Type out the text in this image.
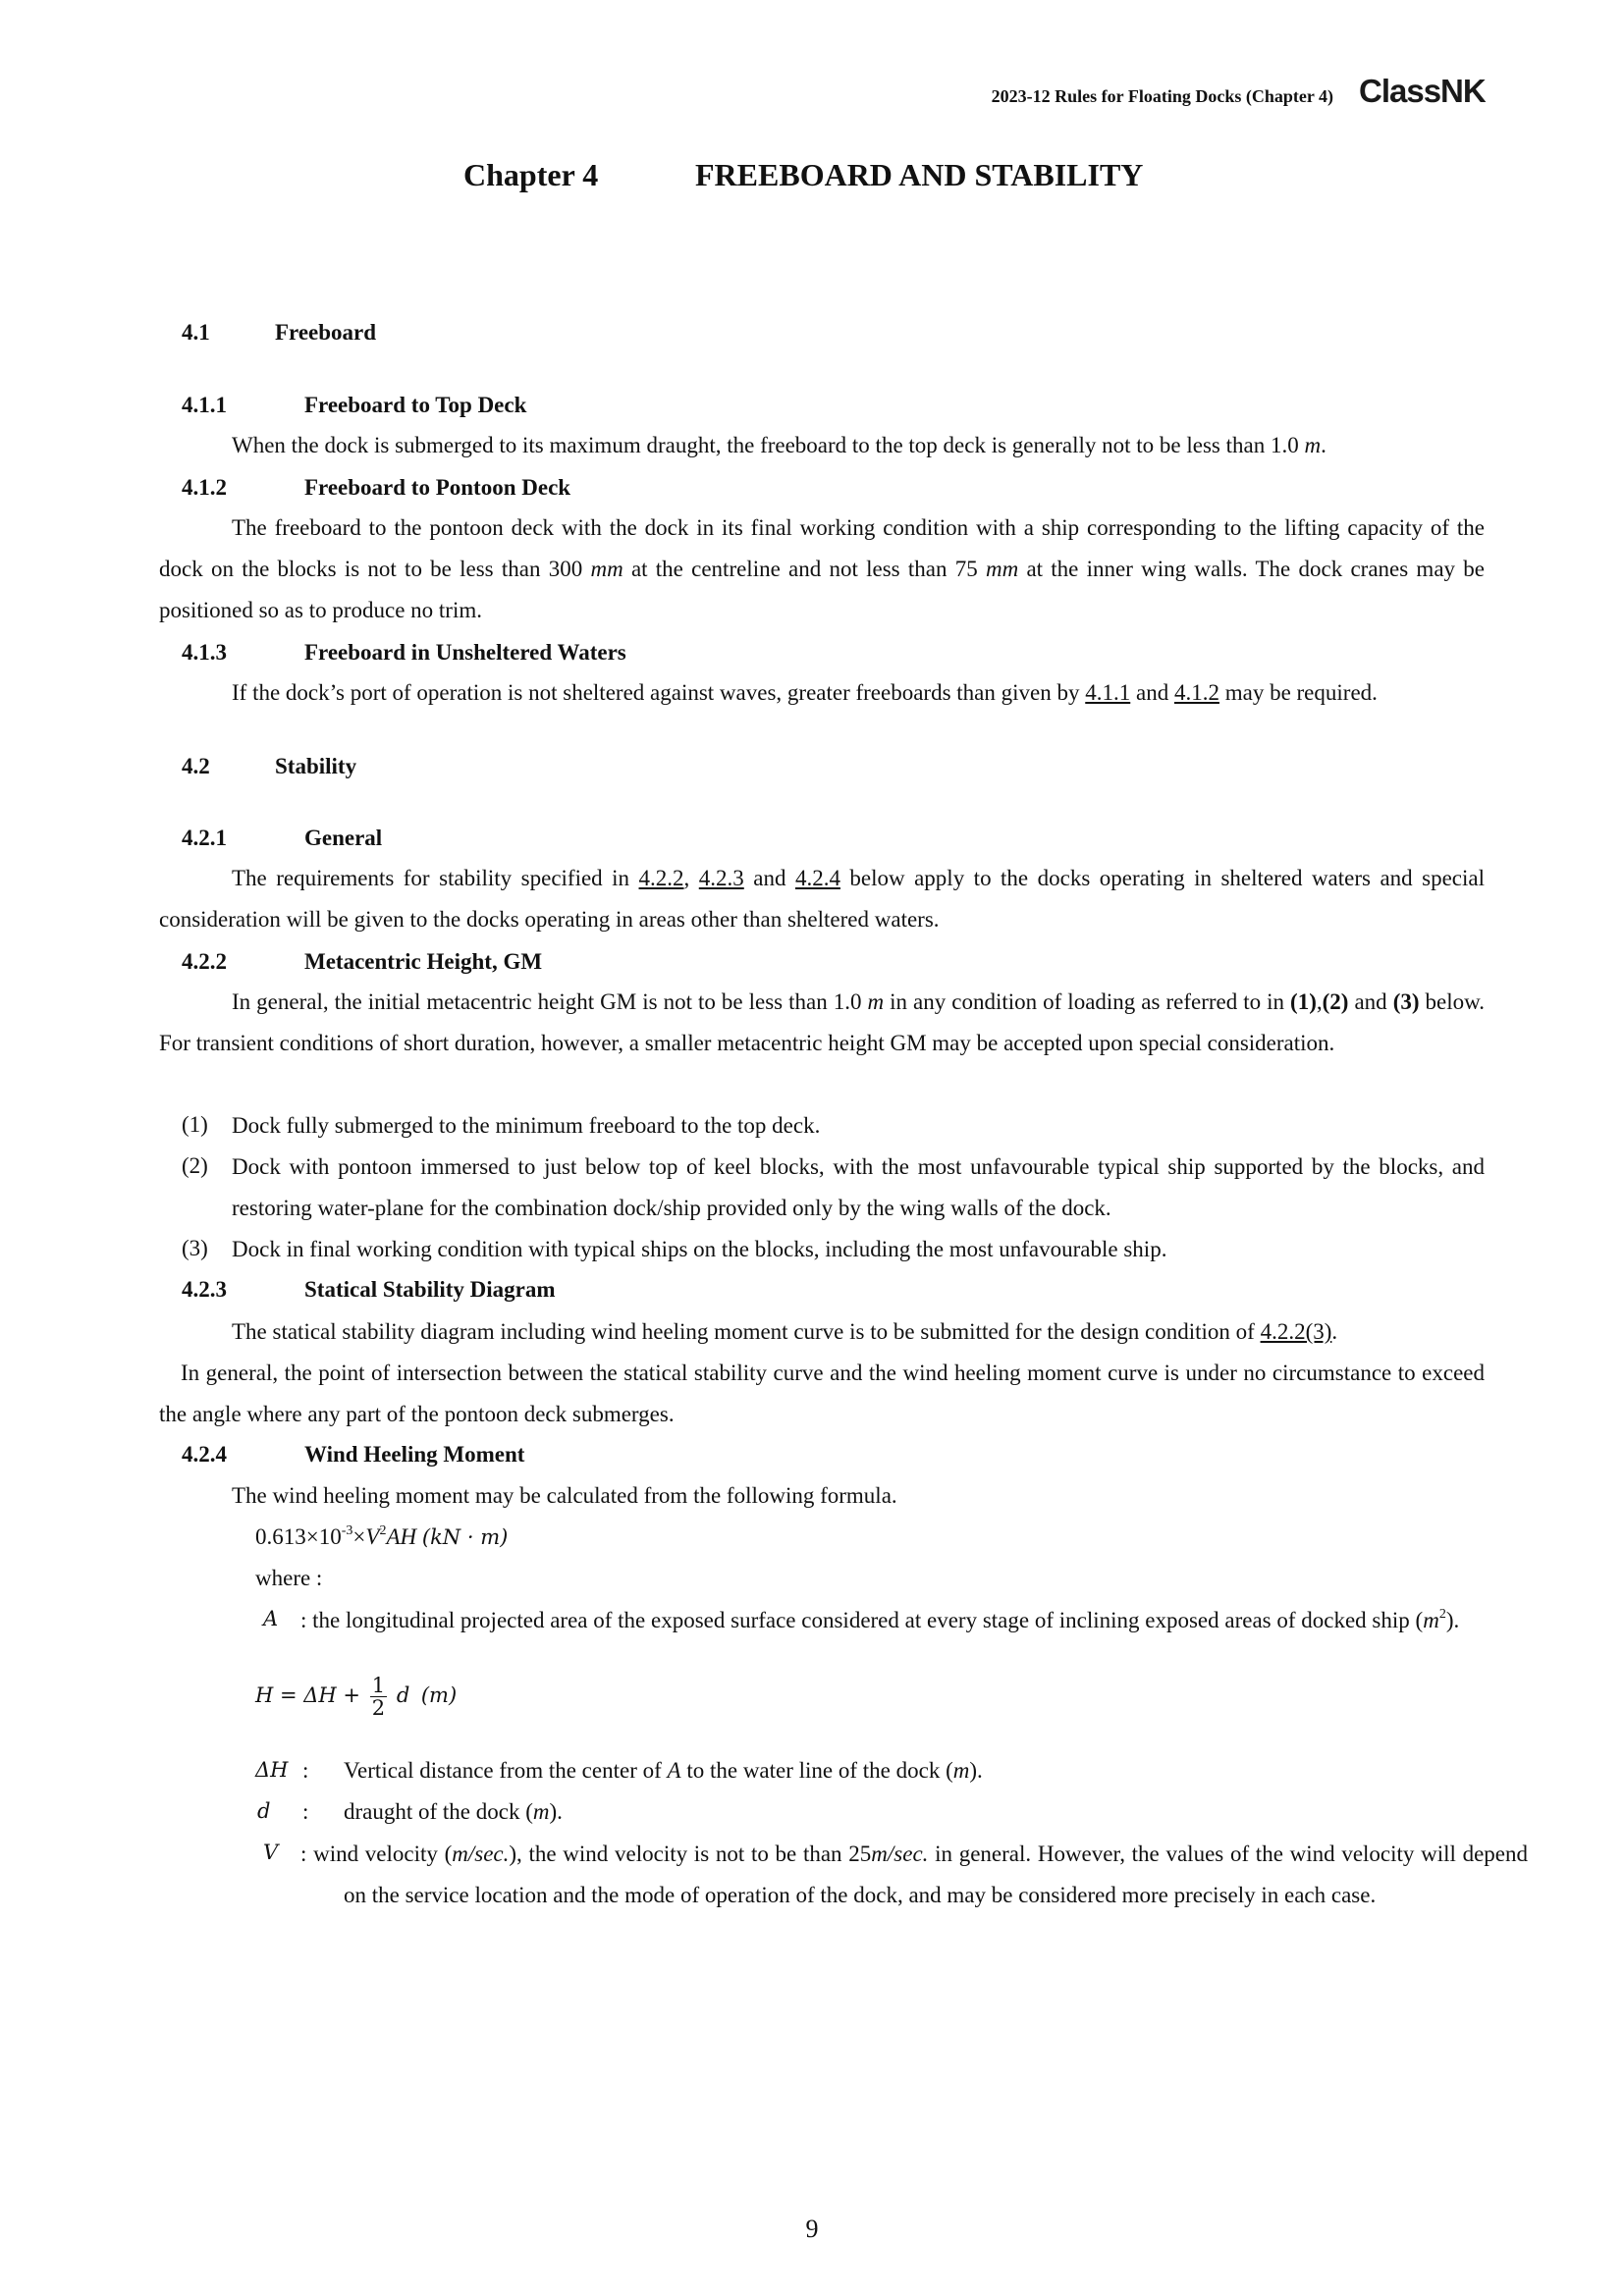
2023-12 Rules for Floating Docks (Chapter 4) ClassNK
Chapter 4	FREEBOARD AND STABILITY
4.1	Freeboard
4.1.1	Freeboard to Top Deck
When the dock is submerged to its maximum draught, the freeboard to the top deck is generally not to be less than 1.0 m.
4.1.2	Freeboard to Pontoon Deck
The freeboard to the pontoon deck with the dock in its final working condition with a ship corresponding to the lifting capacity of the dock on the blocks is not to be less than 300 mm at the centreline and not less than 75 mm at the inner wing walls. The dock cranes may be positioned so as to produce no trim.
4.1.3	Freeboard in Unsheltered Waters
If the dock’s port of operation is not sheltered against waves, greater freeboards than given by 4.1.1 and 4.1.2 may be required.
4.2	Stability
4.2.1	General
The requirements for stability specified in 4.2.2, 4.2.3 and 4.2.4 below apply to the docks operating in sheltered waters and special consideration will be given to the docks operating in areas other than sheltered waters.
4.2.2	Metacentric Height, GM
In general, the initial metacentric height GM is not to be less than 1.0 m in any condition of loading as referred to in (1),(2) and (3) below. For transient conditions of short duration, however, a smaller metacentric height GM may be accepted upon special consideration.
(1) Dock fully submerged to the minimum freeboard to the top deck.
(2) Dock with pontoon immersed to just below top of keel blocks, with the most unfavourable typical ship supported by the blocks, and restoring water-plane for the combination dock/ship provided only by the wing walls of the dock.
(3) Dock in final working condition with typical ships on the blocks, including the most unfavourable ship.
4.2.3	Statical Stability Diagram
The statical stability diagram including wind heeling moment curve is to be submitted for the design condition of 4.2.2(3).
In general, the point of intersection between the statical stability curve and the wind heeling moment curve is under no circumstance to exceed the angle where any part of the pontoon deck submerges.
4.2.4	Wind Heeling Moment
The wind heeling moment may be calculated from the following formula.
$0.613\times 10^{-3}\times V^2AH$ (kN · m)
where :
A : the longitudinal projected area of the exposed surface considered at every stage of inclining exposed areas of docked ship $(m^2)$.
$H = \Delta H + \frac{1}{2}$ d (m)
ΔH : Vertical distance from the center of A to the water line of the dock (m).
d : draught of the dock (m).
V : wind velocity (m/sec.), the wind velocity is not to be than 25m/sec. in general. However, the values of the wind velocity will depend on the service location and the mode of operation of the dock, and may be considered more precisely in each case.
9
